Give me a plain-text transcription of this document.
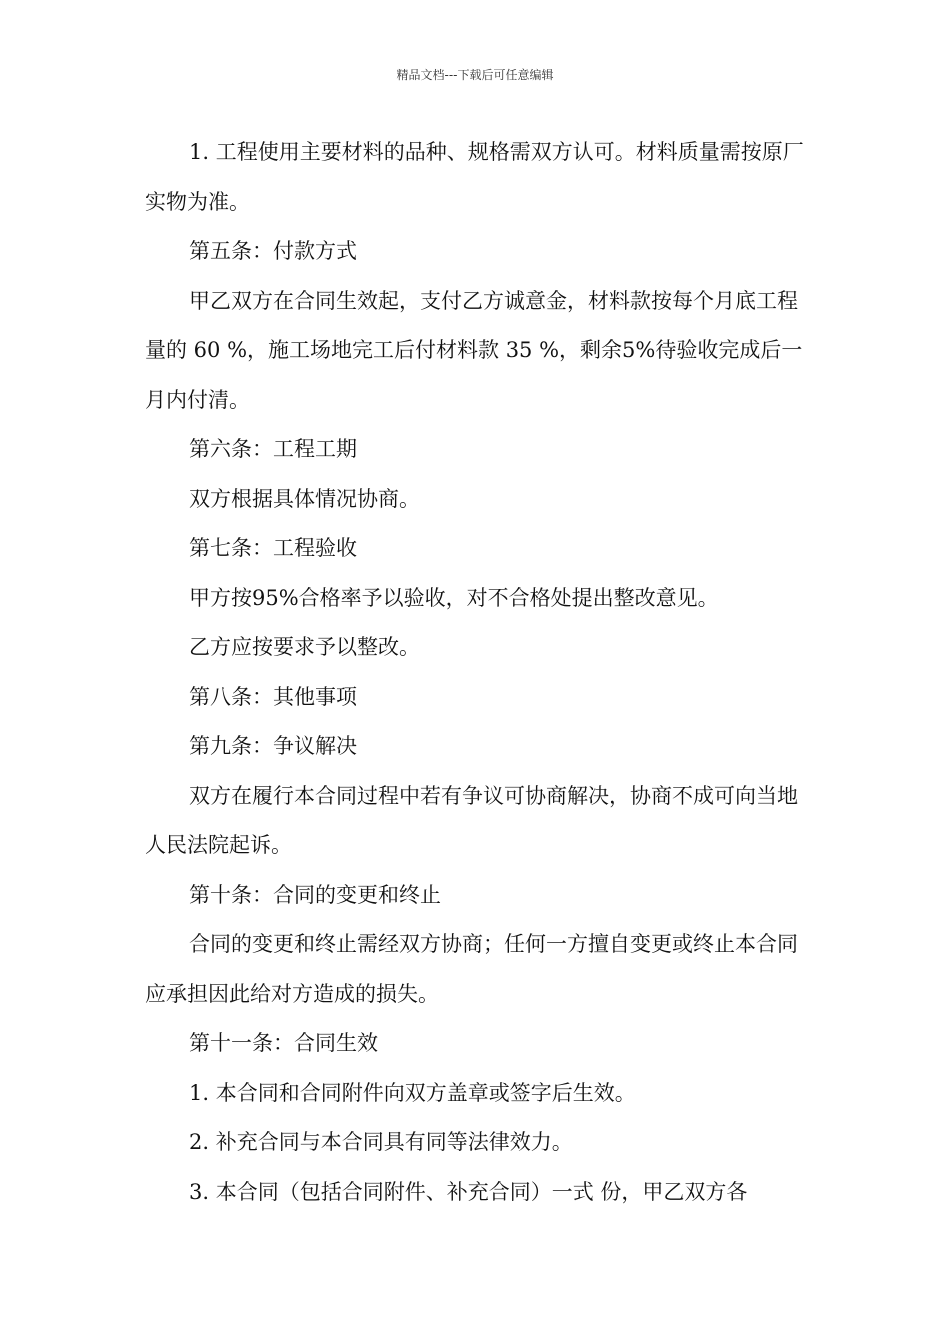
精品文档---下载后可任意编辑

1. 工程使用主要材料的品种、规格需双方认可。材料质量需按原厂实物为准。

第五条：付款方式

甲乙双方在合同生效起，支付乙方诚意金，材料款按每个月底工程量的 60 %，施工场地完工后付材料款 35 %，剩余5%待验收完成后一月内付清。

第六条：工程工期

双方根据具体情况协商。

第七条：工程验收

甲方按95%合格率予以验收，对不合格处提出整改意见。

乙方应按要求予以整改。

第八条：其他事项

第九条：争议解决

双方在履行本合同过程中若有争议可协商解决，协商不成可向当地人民法院起诉。

第十条：合同的变更和终止

合同的变更和终止需经双方协商；任何一方擅自变更或终止本合同应承担因此给对方造成的损失。

第十一条：合同生效

1. 本合同和合同附件向双方盖章或签字后生效。

2. 补充合同与本合同具有同等法律效力。

3. 本合同（包括合同附件、补充合同）一式 份，甲乙双方各
